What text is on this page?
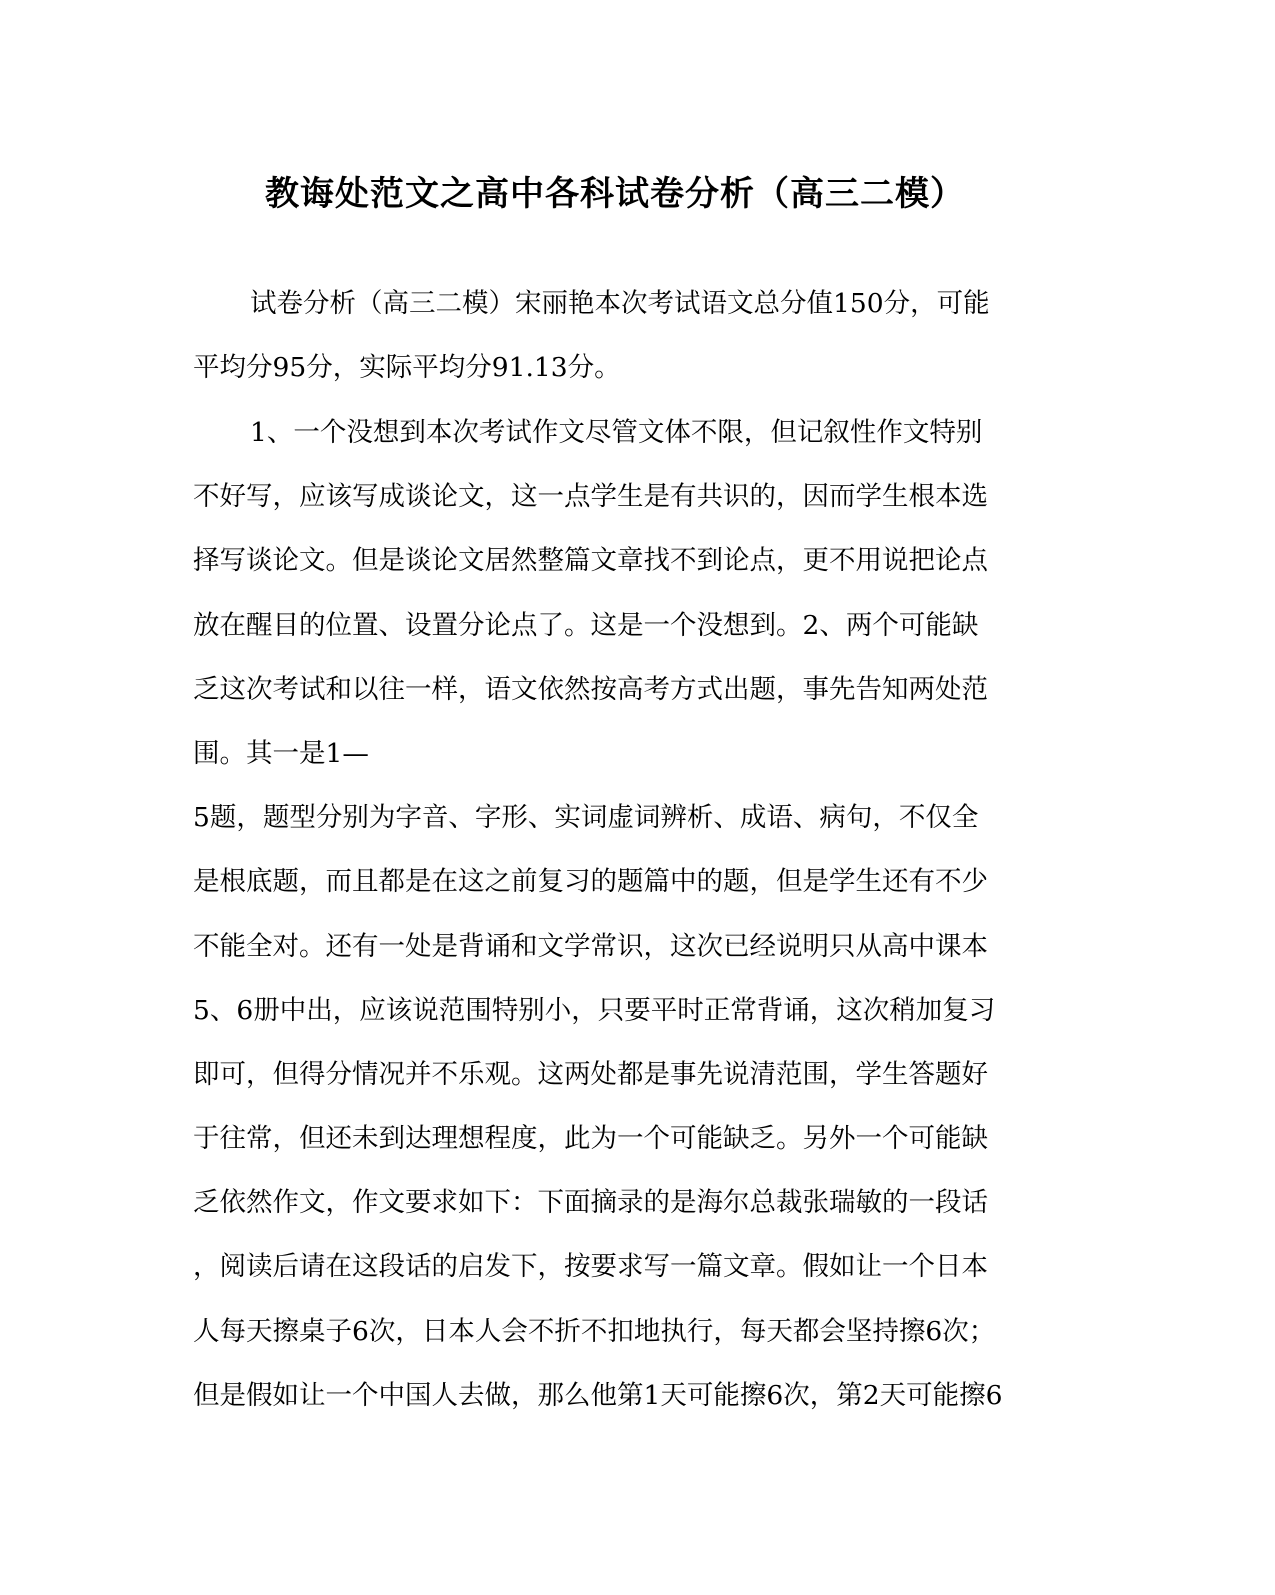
教诲处范文之高中各科试卷分析（高三二模）
试卷分析（高三二模）宋丽艳本次考试语文总分值150分，可能
平均分95分，实际平均分91.13分。
1、一个没想到本次考试作文尽管文体不限，但记叙性作文特别
不好写，应该写成谈论文，这一点学生是有共识的，因而学生根本选
择写谈论文。但是谈论文居然整篇文章找不到论点，更不用说把论点
放在醒目的位置、设置分论点了。这是一个没想到。2、两个可能缺
乏这次考试和以往一样，语文依然按高考方式出题，事先告知两处范
围。其一是1—
5题，题型分别为字音、字形、实词虚词辨析、成语、病句，不仅全
是根底题，而且都是在这之前复习的题篇中的题，但是学生还有不少
不能全对。还有一处是背诵和文学常识，这次已经说明只从高中课本
5、6册中出，应该说范围特别小，只要平时正常背诵，这次稍加复习
即可，但得分情况并不乐观。这两处都是事先说清范围，学生答题好
于往常，但还未到达理想程度，此为一个可能缺乏。另外一个可能缺
乏依然作文，作文要求如下：下面摘录的是海尔总裁张瑞敏的一段话
，阅读后请在这段话的启发下，按要求写一篇文章。假如让一个日本
人每天擦桌子6次，日本人会不折不扣地执行，每天都会坚持擦6次；
但是假如让一个中国人去做，那么他第1天可能擦6次，第2天可能擦6
